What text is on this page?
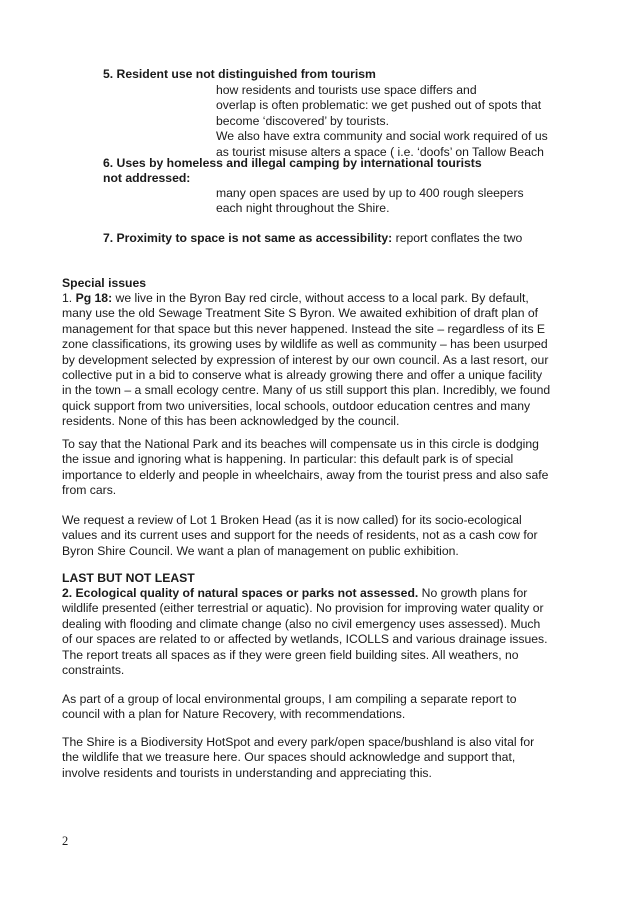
5. Resident use not distinguished from tourism
how residents and tourists use space differs and
overlap is often problematic: we get pushed out of spots that
become ‘discovered’ by tourists.
We also have extra community and social work required of us
as tourist misuse alters a space ( i.e. ‘doofs’ on Tallow Beach
6. Uses by homeless and illegal camping by international tourists
not addressed:
many open spaces are used by up to 400 rough sleepers
each night throughout the Shire.
7. Proximity to space is not same as accessibility: report conflates the two
Special issues
1. Pg 18: we live in the Byron Bay red circle, without access to a local park. By default,
many use the old Sewage Treatment Site S Byron. We awaited exhibition of draft plan of
management for that space but this never happened. Instead the site – regardless of its E
zone classifications, its growing uses by wildlife as well as community – has been usurped
by development selected by expression of interest by our own council. As a last resort, our
collective put in a bid to conserve what is already growing there and offer a unique facility
in the town – a small ecology centre. Many of us still support this plan. Incredibly, we found
quick support from two universities, local schools, outdoor education centres and many
residents. None of this has been acknowledged by the council.
To say that the National Park and its beaches will compensate us in this circle is dodging
the issue and ignoring what is happening. In particular: this default park is of special
importance to elderly and people in wheelchairs, away from the tourist press and also safe
from cars.
We request a review of Lot 1 Broken Head (as it is now called) for its socio-ecological
values and its current uses and support for the needs of residents, not as a cash cow for
Byron Shire Council. We want a plan of management on public exhibition.
LAST BUT NOT LEAST
2. Ecological quality of natural spaces or parks not assessed. No growth plans for
wildlife presented (either terrestrial or aquatic). No provision for improving water quality or
dealing with flooding and climate change (also no civil emergency uses assessed). Much
of our spaces are related to or affected by wetlands, ICOLLS and various drainage issues.
The report treats all spaces as if they were green field building sites. All weathers, no
constraints.
As part of a group of local environmental groups, I am compiling a separate report to
council with a plan for Nature Recovery, with recommendations.
The Shire is a Biodiversity HotSpot and every park/open space/bushland is also vital for
the wildlife that we treasure here. Our spaces should acknowledge and support that,
involve residents and tourists in understanding and appreciating this.
2
